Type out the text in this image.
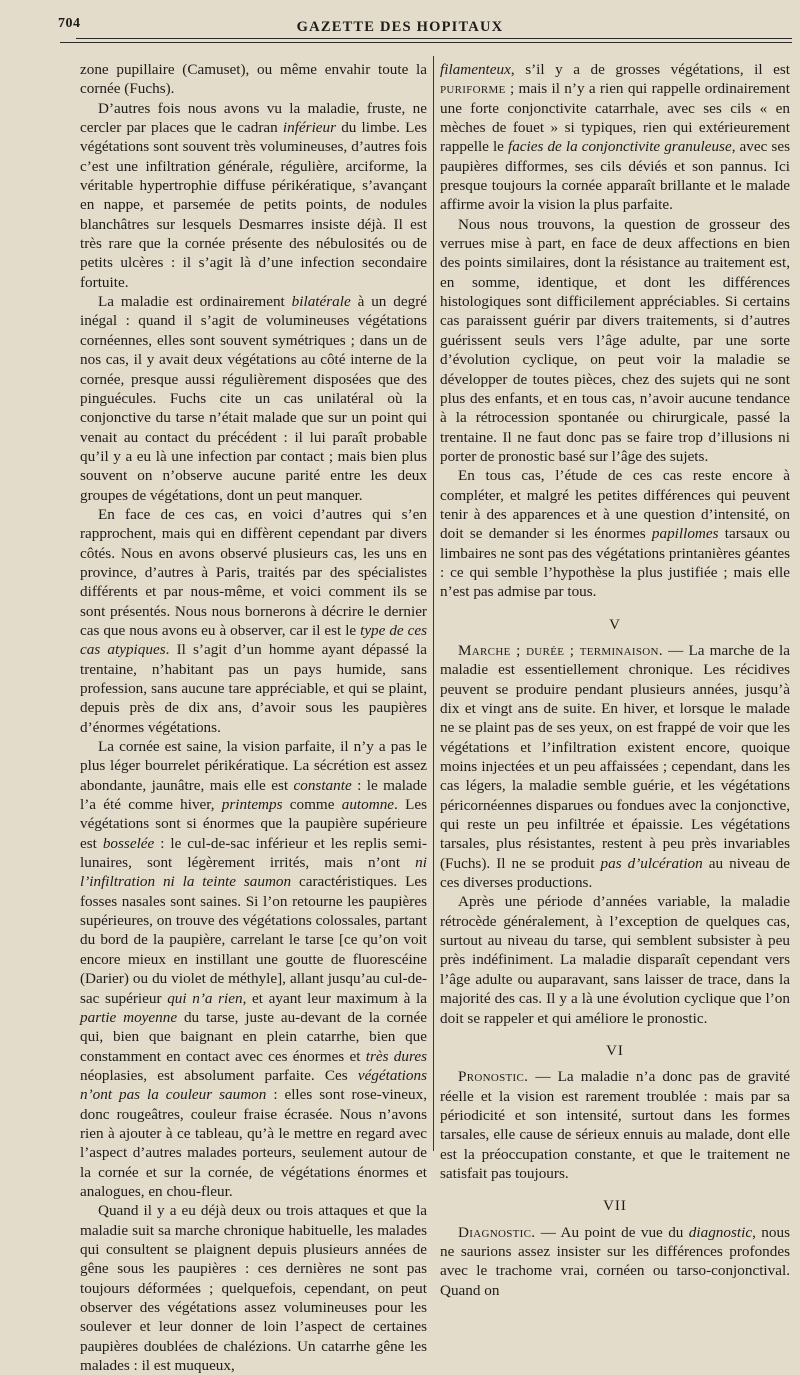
704	GAZETTE DES HOPITAUX

zone pupillaire (Camuset), ou même envahir toute la cornée (Fuchs).

D’autres fois nous avons vu la maladie, fruste, ne cercler par places que le cadran inférieur du limbe. Les végétations sont souvent très volumineuses, d’autres fois c’est une infiltration générale, régulière, arciforme, la véritable hypertrophie diffuse périkératique, s’avançant en nappe, et parsemée de petits points, de nodules blanchâtres sur lesquels Desmarres insiste déjà. Il est très rare que la cornée présente des nébulosités ou de petits ulcères : il s’agit là d’une infection secondaire fortuite.

La maladie est ordinairement bilatérale à un degré inégal : quand il s’agit de volumineuses végétations cornéennes, elles sont souvent symétriques ; dans un de nos cas, il y avait deux végétations au côté interne de la cornée, presque aussi régulièrement disposées que des pinguécules. Fuchs cite un cas unilatéral où la conjonctive du tarse n’était malade que sur un point qui venait au contact du précédent : il lui paraît probable qu’il y a eu là une infection par contact ; mais bien plus souvent on n’observe aucune parité entre les deux groupes de végétations, dont un peut manquer.

En face de ces cas, en voici d’autres qui s’en rapprochent, mais qui en diffèrent cependant par divers côtés. Nous en avons observé plusieurs cas, les uns en province, d’autres à Paris, traités par des spécialistes différents et par nous-même, et voici comment ils se sont présentés. Nous nous bornerons à décrire le dernier cas que nous avons eu à observer, car il est le type de ces cas atypiques. Il s’agit d’un homme ayant dépassé la trentaine, n’habitant pas un pays humide, sans profession, sans aucune tare appréciable, et qui se plaint, depuis près de dix ans, d’avoir sous les paupières d’énormes végétations.

La cornée est saine, la vision parfaite, il n’y a pas le plus léger bourrelet périkératique. La sécrétion est assez abondante, jaunâtre, mais elle est constante : le malade l’a été comme hiver, printemps comme automne. Les végétations sont si énormes que la paupière supérieure est bosselée : le cul-de-sac inférieur et les replis semi-lunaires, sont légèrement irrités, mais n’ont ni l’infiltration ni la teinte saumon caractéristiques. Les fosses nasales sont saines. Si l’on retourne les paupières supérieures, on trouve des végétations colossales, partant du bord de la paupière, carrelant le tarse [ce qu’on voit encore mieux en instillant une goutte de fluorescéine (Darier) ou du violet de méthyle], allant jusqu’au cul-de-sac supérieur qui n’a rien, et ayant leur maximum à la partie moyenne du tarse, juste au-devant de la cornée qui, bien que baignant en plein catarrhe, bien que constamment en contact avec ces énormes et très dures néoplasies, est absolument parfaite. Ces végétations n’ont pas la couleur saumon : elles sont rose-vineux, donc rougeâtres, couleur fraise écrasée. Nous n’avons rien à ajouter à ce tableau, qu’à le mettre en regard avec l’aspect d’autres malades porteurs, seulement autour de la cornée et sur la cornée, de végétations énormes et analogues, en chou-fleur.

Quand il y a eu déjà deux ou trois attaques et que la maladie suit sa marche chronique habituelle, les malades qui consultent se plaignent depuis plusieurs années de gêne sous les paupières : ces dernières ne sont pas toujours déformées ; quelquefois, cependant, on peut observer des végétations assez volumineuses pour les soulever et leur donner de loin l’aspect de certaines paupières doublées de chalézions. Un catarrhe gêne les malades : il est muqueux,

filamenteux, s’il y a de grosses végétations, il est puriforme ; mais il n’y a rien qui rappelle ordinairement une forte conjonctivite catarrhale, avec ses cils « en mèches de fouet » si typiques, rien qui extérieurement rappelle le facies de la conjonctivite granuleuse, avec ses paupières difformes, ses cils déviés et son pannus. Ici presque toujours la cornée apparaît brillante et le malade affirme avoir la vision la plus parfaite.

Nous nous trouvons, la question de grosseur des verrues mise à part, en face de deux affections en bien des points similaires, dont la résistance au traitement est, en somme, identique, et dont les différences histologiques sont difficilement appréciables. Si certains cas paraissent guérir par divers traitements, si d’autres guérissent seuls vers l’âge adulte, par une sorte d’évolution cyclique, on peut voir la maladie se développer de toutes pièces, chez des sujets qui ne sont plus des enfants, et en tous cas, n’avoir aucune tendance à la rétrocession spontanée ou chirurgicale, passé la trentaine. Il ne faut donc pas se faire trop d’illusions ni porter de pronostic basé sur l’âge des sujets.

En tous cas, l’étude de ces cas reste encore à compléter, et malgré les petites différences qui peuvent tenir à des apparences et à une question d’intensité, on doit se demander si les énormes papillomes tarsaux ou limbaires ne sont pas des végétations printanières géantes : ce qui semble l’hypothèse la plus justifiée ; mais elle n’est pas admise par tous.

V

Marche ; durée ; terminaison. — La marche de la maladie est essentiellement chronique. Les récidives peuvent se produire pendant plusieurs années, jusqu’à dix et vingt ans de suite. En hiver, et lorsque le malade ne se plaint pas de ses yeux, on est frappé de voir que les végétations et l’infiltration existent encore, quoique moins injectées et un peu affaissées ; cependant, dans les cas légers, la maladie semble guérie, et les végétations péricornéennes disparues ou fondues avec la conjonctive, qui reste un peu infiltrée et épaissie. Les végétations tarsales, plus résistantes, restent à peu près invariables (Fuchs). Il ne se produit pas d’ulcération au niveau de ces diverses productions.

Après une période d’années variable, la maladie rétrocède généralement, à l’exception de quelques cas, surtout au niveau du tarse, qui semblent subsister à peu près indéfiniment. La maladie disparaît cependant vers l’âge adulte ou auparavant, sans laisser de trace, dans la majorité des cas. Il y a là une évolution cyclique que l’on doit se rappeler et qui améliore le pronostic.

VI

Pronostic. — La maladie n’a donc pas de gravité réelle et la vision est rarement troublée : mais par sa périodicité et son intensité, surtout dans les formes tarsales, elle cause de sérieux ennuis au malade, dont elle est la préoccupation constante, et que le traitement ne satisfait pas toujours.

VII

Diagnostic. — Au point de vue du diagnostic, nous ne saurions assez insister sur les différences profondes avec le trachome vrai, cornéen ou tarso-conjonctival. Quand on
